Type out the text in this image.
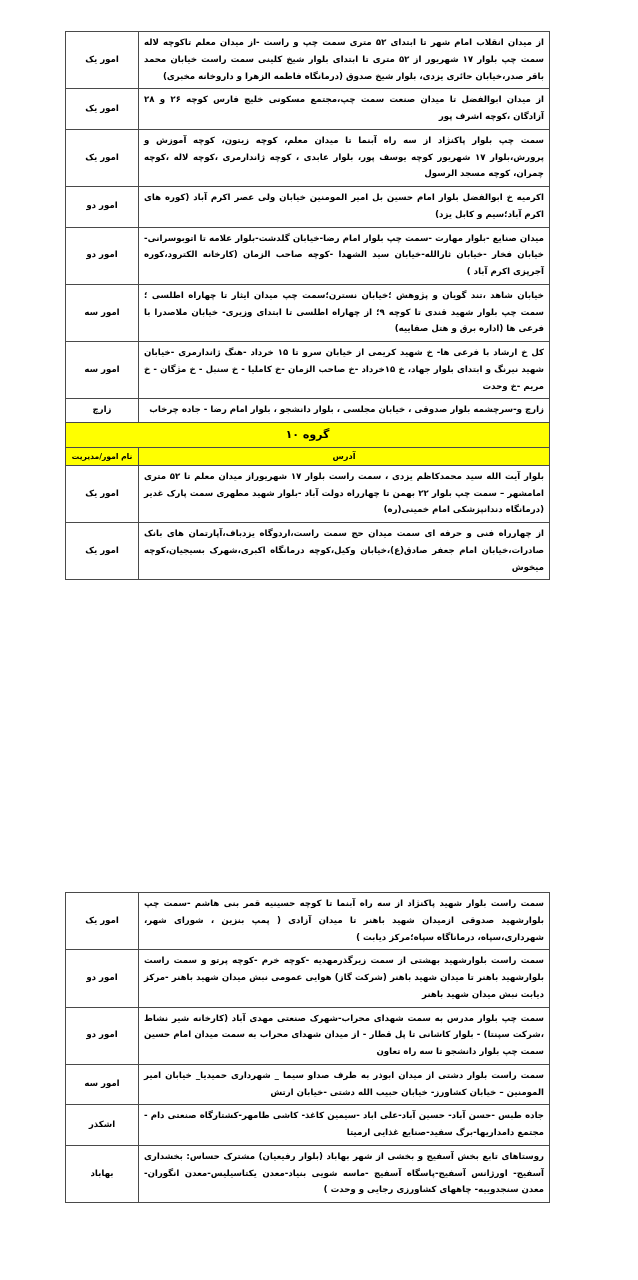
از میدان انقلاب امام شهر تا ابتدای ۵۲ متری سمت چپ و راست -از میدان معلم تاکوچه لاله سمت چپ بلوار ۱۷ شهریور از ۵۲ متری تا ابتدای بلوار شیخ کلینی سمت راست خیابان محمد باقر صدر،خیابان حائری یزدی، بلوار شیخ صدوق (درمانگاه فاطمه الزهرا و داروخانه مخبری)	امور یک
از میدان ابوالفضل تا میدان صنعت سمت چپ،مجتمع مسکونی خلیج فارس کوچه ۲۶ و ۲۸ آزادگان ،کوچه اشرف پور	امور یک
سمت چپ بلوار پاکنژاد از سه راه آبنما تا میدان معلم، کوچه زیتون، کوچه آموزش و پرورش،بلوار ۱۷ شهریور کوچه یوسف پور، بلوار عابدی ، کوچه ژاندارمری ،کوچه لاله ،کوچه چمران، کوچه مسجد الرسول	امور یک
اکرمیه خ ابوالفضل بلوار امام حسین بل امیر المومنین خیابان ولی عصر اکرم آباد (کوره های اکرم آباد؛سیم و کابل یزد)	امور دو
میدان صنایع -بلوار مهارت -سمت چپ بلوار امام رضا-خیابان گلدشت-بلوار علامه تا اتوبوسرانی-خیابان فخار -خیابان ثارالله-خیابان سید الشهدا -کوچه صاحب الزمان (کارخانه الکترود،کوره آجرپزی اکرم آباد )	امور دو
خیابان شاهد ،تند گویان و پژوهش ؛خیابان نسترن؛سمت چپ میدان ایثار تا چهاراه اطلسی ؛سمت چپ بلوار شهید قندی تا کوچه ۹؛ از چهاراه اطلسی تا ابتدای وزیری- خیابان ملاصدرا با فرعی ها (اداره برق و هتل صفاییه)	امور سه
کل خ ارشاد با فرعی ها- خ شهید کریمی از خیابان سرو تا ۱۵ خرداد -هنگ ژاندارمری -خیابان شهید نیرنگ و ابتدای بلوار جهاد، خ ۱۵خرداد -خ صاحب الزمان -خ کاملیا - خ سنبل - خ مژگان - خ مریم -خ وحدت	امور سه
زارچ و-سرچشمه بلوار صدوقی ، خیابان مجلسی ، بلوار دانشجو ، بلوار امام رضا - جاده چرخاب	زارچ
گروه ۱۰	
آدرس	نام امور/مدیریت
بلوار آیت الله سید محمدکاظم یزدی ، سمت راست بلوار ۱۷ شهریوراز میدان معلم تا ۵۲ متری امامشهر – سمت چپ بلوار ۲۲ بهمن تا چهارراه دولت آباد -بلوار شهید مطهری سمت پارک غدیر (درمانگاه دندانپزشکی امام خمینی(ره)	امور یک
از چهارراه فنی و حرفه ای سمت میدان حج سمت راست،اردوگاه یزدباف،آپارتمان های بانک صادرات،خیابان امام جعفر صادق(ع)،خیابان وکیل،کوچه درمانگاه اکبری،شهرک بسیجیان،کوچه میخوش	امور یک
سمت راست بلوار شهید پاکنژاد از سه راه آبنما تا کوچه حسینیه قمر بنی هاشم -سمت چپ بلوارشهید صدوقی ازمیدان شهید باهنر تا میدان آزادی ( پمپ بنزین ، شورای شهر، شهرداری،سپاه، درماناگاه سپاه؛مرکز دیابت )	امور یک
سمت راست بلوارشهید بهشتی از سمت زیرگذرمهدیه -کوچه خرم -کوچه پرتو و سمت راست بلوارشهید باهنر تا میدان شهید باهنر (شرکت گاز) هوایی عمومی نبش میدان شهید باهنر -مرکز دیابت نبش میدان شهید باهنر	امور دو
سمت چپ بلوار مدرس به سمت شهدای محراب-شهرک صنعتی مهدی آباد (کارخانه شیر نشاط ،شرکت سپنتا) - بلوار کاشانی تا پل قطار - از میدان شهدای محراب به سمت میدان امام حسین سمت چپ بلوار دانشجو تا سه راه تعاون	امور دو
سمت راست بلوار دشتی از میدان ابوذر به طرف صداو سیما _ شهرداری حمیدیا_ خیابان امیر المومنین – خیابان کشاورز- خیابان حبیب الله دشتی -خیابان ارتش	امور سه
جاده طبس -حسن آباد- حسین آباد-علی اباد -سیمین کاغذ- کاشی طامهر-کشتارگاه صنعتی دام - مجتمع دامداریها-برگ سفید-صنایع غذایی ارمیتا	اشکذر
روستاهای تابع بخش آسفیج و بخشی از شهر بهاباد (بلوار رفیعیان) مشترک حساس: بخشداری آسفیج- اورژانس آسفیج-پاسگاه آسفیج -ماسه شویی بنیاد-معدن یکتاسیلیس-معدن انگوران-معدن سنجدوییه- چاههای کشاورزی رجایی و وحدت )	بهاباد
